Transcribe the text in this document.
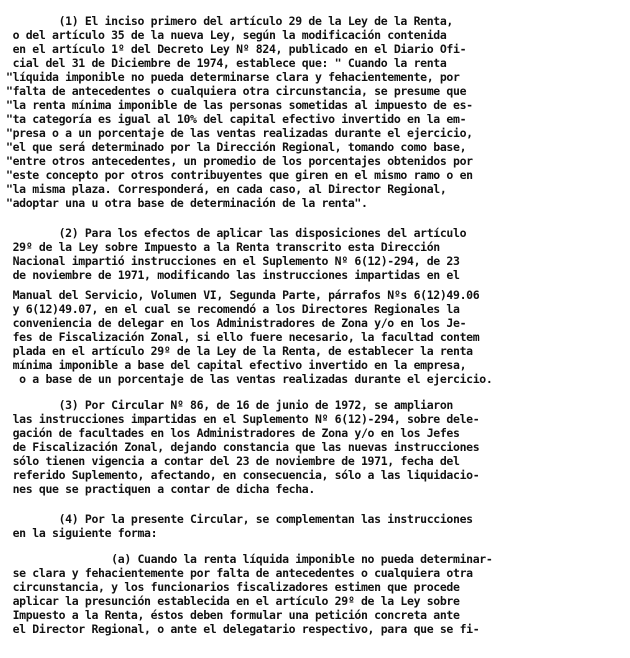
(1) El inciso primero del artículo 29 de la Ley de la Renta,
o del artículo 35 de la nueva Ley, según la modificación contenida
en el artículo 1º del Decreto Ley Nº 824, publicado en el Diario Ofi-
cial del 31 de Diciembre de 1974, establece que: " Cuando la renta
"líquida imponible no pueda determinarse clara y fehacientemente, por
"falta de antecedentes o cualquiera otra circunstancia, se presume que
"la renta mínima imponible de las personas sometidas al impuesto de es-
"ta categoría es igual al 10% del capital efectivo invertido en la em-
"presa o a un porcentaje de las ventas realizadas durante el ejercicio,
"el que será determinado por la Dirección Regional, tomando como base,
"entre otros antecedentes, un promedio de los porcentajes obtenidos por
"este concepto por otros contribuyentes que giren en el mismo ramo o en
"la misma plaza. Corresponderá, en cada caso, al Director Regional,
"adoptar una u otra base de determinación de la renta".
(2) Para los efectos de aplicar las disposiciones del artículo
29º de la Ley sobre Impuesto a la Renta transcrito esta Dirección
Nacional impartió instrucciones en el Suplemento Nº 6(12)-294, de 23
de noviembre de 1971, modificando las instrucciones impartidas en el
Manual del Servicio, Volumen VI, Segunda Parte, párrafos Nºs 6(12)49.06
y 6(12)49.07, en el cual se recomendó a los Directores Regionales la
conveniencia de delegar en los Administradores de Zona y/o en los Je-
fes de Fiscalización Zonal, si ello fuere necesario, la facultad contem
plada en el artículo 29º de la Ley de la Renta, de establecer la renta
mínima imponible a base del capital efectivo invertido en la empresa,
o a base de un porcentaje de las ventas realizadas durante el ejercicio.
(3) Por Circular Nº 86, de 16 de junio de 1972, se ampliaron
las instrucciones impartidas en el Suplemento Nº 6(12)-294, sobre dele-
gación de facultades en los Administradores de Zona y/o en los Jefes
de Fiscalización Zonal, dejando constancia que las nuevas instrucciones
sólo tienen vigencia a contar del 23 de noviembre de 1971, fecha del
referido Suplemento, afectando, en consecuencia, sólo a las liquidacio-
nes que se practiquen a contar de dicha fecha.
(4) Por la presente Circular, se complementan las instrucciones
en la siguiente forma:
(a) Cuando la renta líquida imponible no pueda determinar-
se clara y fehacientemente por falta de antecedentes o cualquiera otra
circunstancia, y los funcionarios fiscalizadores estimen que procede
aplicar la presunción establecida en el artículo 29º de la Ley sobre
Impuesto a la Renta, éstos deben formular una petición concreta ante
el Director Regional, o ante el delegatario respectivo, para que se fi-
